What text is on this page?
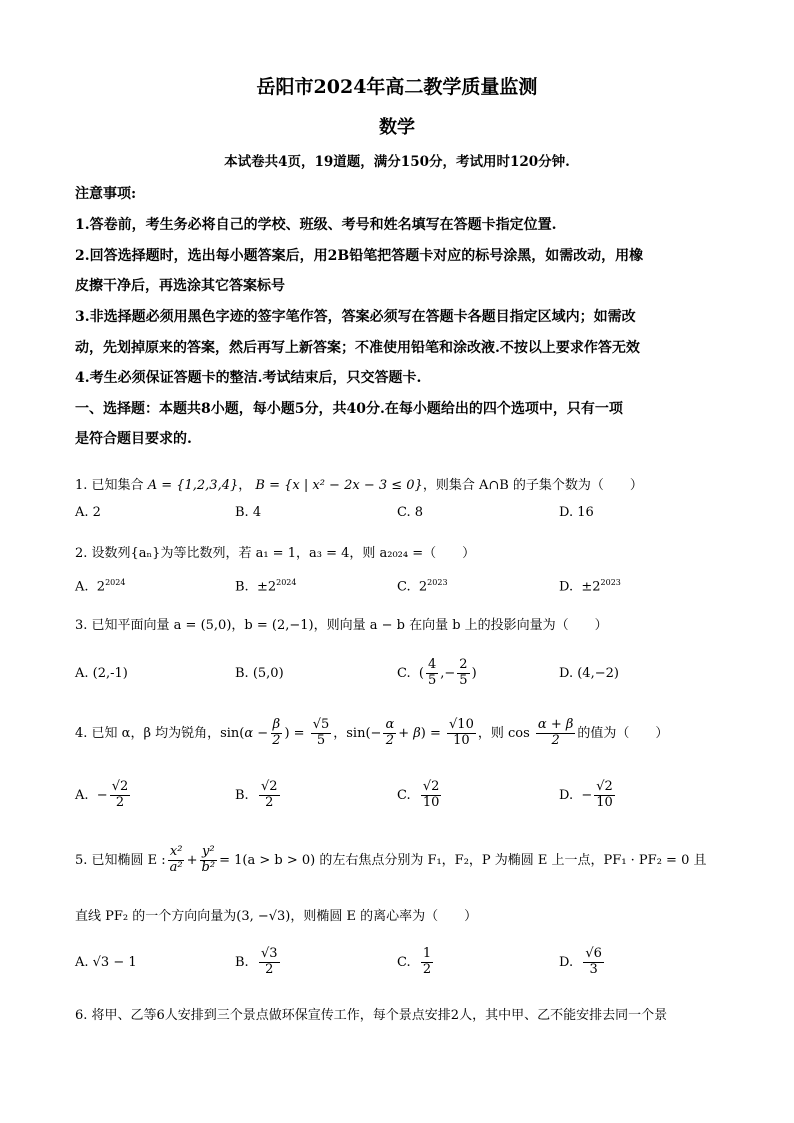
岳阳市2024年高二教学质量监测
数学
本试卷共4页，19道题，满分150分，考试用时120分钟.
注意事项:
1.答卷前，考生务必将自己的学校、班级、考号和姓名填写在答题卡指定位置.
2.回答选择题时，选出每小题答案后，用2B铅笔把答题卡对应的标号涂黑，如需改动，用橡
皮擦干净后，再选涂其它答案标号
3.非选择题必须用黑色字迹的签字笔作答，答案必须写在答题卡各题目指定区域内；如需改
动，先划掉原来的答案，然后再写上新答案；不准使用铅笔和涂改液.不按以上要求作答无效
4.考生必须保证答题卡的整洁.考试结束后，只交答题卡.
一、选择题：本题共8小题，每小题5分，共40分.在每小题给出的四个选项中，只有一项
是符合题目要求的.
1. 已知集合 A = {1,2,3,4}， B = {x | x² − 2x − 3 ≤ 0}，则集合 A∩B 的子集个数为（　　）
A. 2	B. 4	C. 8	D. 16
2. 设数列{aₙ}为等比数列，若 a₁ = 1，a₃ = 4，则 a₂₀₂₄ =（　　）
A. $2^{2024}$	B. $\pm 2^{2024}$	C. $2^{2023}$	D. $\pm 2^{2023}$
3. 已知平面向量 a = (5,0)，b = (2,−1)，则向量 a − b 在向量 b 上的投影向量为（　　）
A. (2,-1)	B. (5,0)	C.  ( $\frac{4}{5}$ ,− $\frac{2}{5}$ )	D. (4,−2)
4. 已知 α，β 均为锐角，$\sin(\alpha - \frac{\beta}{2}$ ) = $\frac{√5}{5}$ ，$\sin(- \frac{\alpha}{2} + \beta) = \frac{√10}{10}$ ，则 $\cos \frac{\alpha + \beta}{2}$ 的值为（　　）
A. − $\frac{√2}{2}$	B. $\frac{√2}{2}$	C. $\frac{√2}{10}$	D. − $\frac{√2}{10}$
5. 已知椭圆 E : $\frac{\text{x²}}{\text{a²}} + \frac{\text{y²}}{\text{b²}} = 1(a > b > 0)$ 的左右焦点分别为 F₁，F₂，P 为椭圆 E 上一点，PF₁ · PF₂ = 0 且
直线 PF₂ 的一个方向向量为(3, −√3)，则椭圆 E 的离心率为（　　）
A. √3 − 1	B. $\frac{√3}{2}$	C. $\frac{1}{2}$	D. $\frac{√6}{3}$
6. 将甲、乙等6人安排到三个景点做环保宣传工作，每个景点安排2人，其中甲、乙不能安排去同一个景
